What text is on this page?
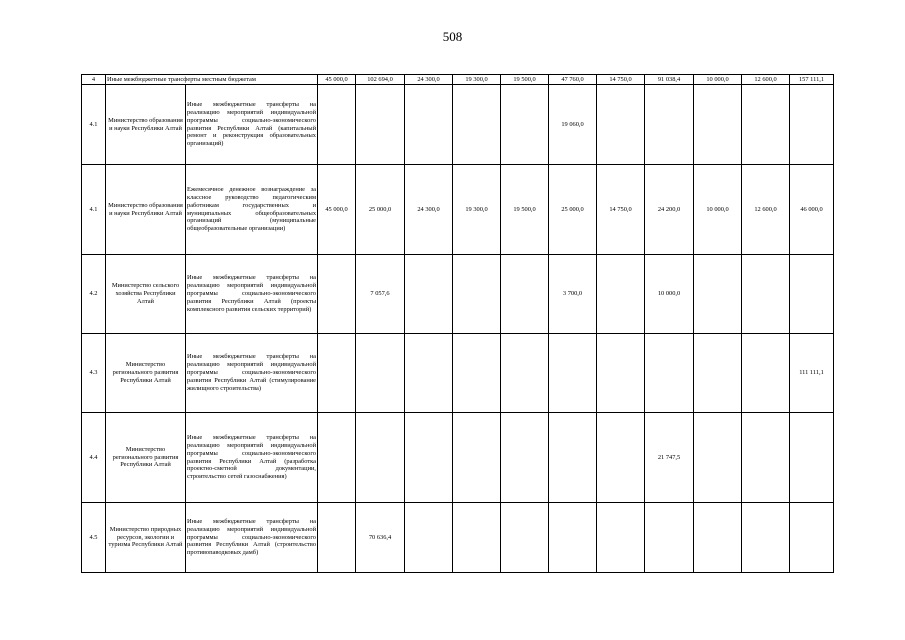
508
4	Иные межбюджетные трансферты местным бюджетам		45 000,0	102 694,0	24 300,0	19 300,0	19 500,0	47 760,0	14 750,0	91 038,4	10 000,0	12 600,0	157 111,1
4.1	Министерство образования и науки Республики Алтай	Иные межбюджетные трансферты на реализацию мероприятий индивидуальной программы социально-экономического развития Республики Алтай (капитальный ремонт и реконструкция образовательных организаций)						19 060,0					
4.1	Министерство образования и науки Республики Алтай	Ежемесячное денежное вознаграждение за классное руководство педагогическим работникам государственных и муниципальных общеобразовательных организаций (муниципальные общеобразовательные организации)	45 000,0	25 000,0	24 300,0	19 300,0	19 500,0	25 000,0	14 750,0	24 200,0	10 000,0	12 600,0	46 000,0
4.2	Министерство сельского хозяйства Республики Алтай	Иные межбюджетные трансферты на реализацию мероприятий индивидуальной программы социально-экономического развития Республики Алтай (проекты комплексного развития сельских территорий)		7 057,6				3 700,0		10 000,0			
4.3	Министерство регионального развития Республики Алтай	Иные межбюджетные трансферты на реализацию мероприятий индивидуальной программы социально-экономического развития Республики Алтай (стимулирование жилищного строительства)											111 111,1
4.4	Министерство регионального развития Республики Алтай	Иные межбюджетные трансферты на реализацию мероприятий индивидуальной программы социально-экономического развития Республики Алтай (разработка проектно-сметной документации, строительство сетей газоснабжения)								21 747,5			
4.5	Министерство природных ресурсов, экологии и туризма Республики Алтай	Иные межбюджетные трансферты на реализацию мероприятий индивидуальной программы социально-экономического развития Республики Алтай (строительство противопаводковых дамб)		70 636,4									
